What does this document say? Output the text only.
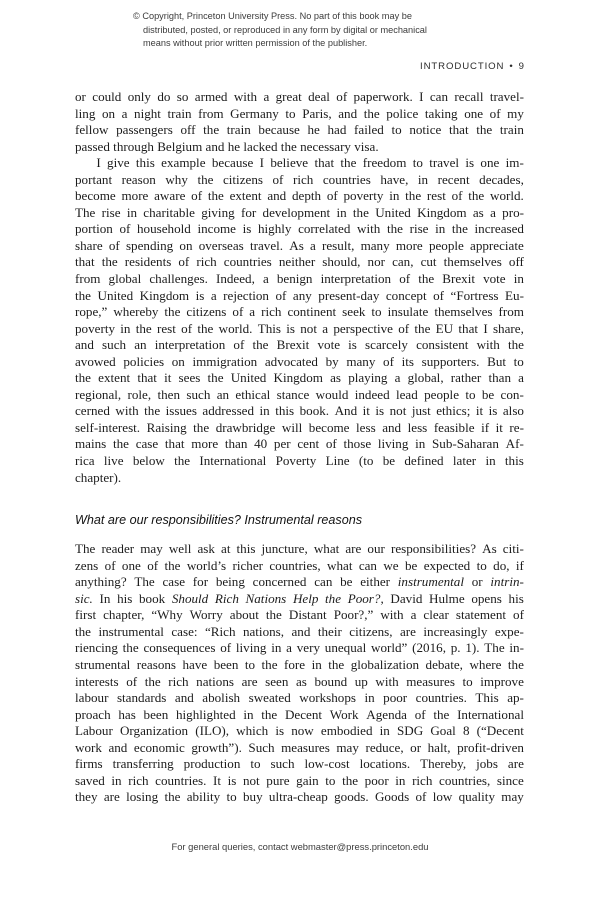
© Copyright, Princeton University Press. No part of this book may be
distributed, posted, or reproduced in any form by digital or mechanical
means without prior written permission of the publisher.
INTRODUCTION • 9

or could only do so armed with a great deal of paperwork. I can recall travel-
ling on a night train from Germany to Paris, and the police taking one of my
fellow passengers off the train because he had failed to notice that the train
passed through Belgium and he lacked the necessary visa.

I give this example because I believe that the freedom to travel is one im-
portant reason why the citizens of rich countries have, in recent decades,
become more aware of the extent and depth of poverty in the rest of the world.
The rise in charitable giving for development in the United Kingdom as a pro-
portion of household income is highly correlated with the rise in the increased
share of spending on overseas travel. As a result, many more people appreciate
that the residents of rich countries neither should, nor can, cut themselves off
from global challenges. Indeed, a benign interpretation of the Brexit vote in
the United Kingdom is a rejection of any present-day concept of “Fortress Eu-
rope,” whereby the citizens of a rich continent seek to insulate themselves from
poverty in the rest of the world. This is not a perspective of the EU that I share,
and such an interpretation of the Brexit vote is scarcely consistent with the
avowed policies on immigration advocated by many of its supporters. But to
the extent that it sees the United Kingdom as playing a global, rather than a
regional, role, then such an ethical stance would indeed lead people to be con-
cerned with the issues addressed in this book. And it is not just ethics; it is also
self-interest. Raising the drawbridge will become less and less feasible if it re-
mains the case that more than 40 per cent of those living in Sub-Saharan Af-
rica live below the International Poverty Line (to be defined later in this
chapter).

What are our responsibilities? Instrumental reasons

The reader may well ask at this juncture, what are our responsibilities? As citi-
zens of one of the world’s richer countries, what can we be expected to do, if
anything? The case for being concerned can be either instrumental or intrin-
sic. In his book Should Rich Nations Help the Poor?, David Hulme opens his
first chapter, “Why Worry about the Distant Poor?,” with a clear statement of
the instrumental case: “Rich nations, and their citizens, are increasingly expe-
riencing the consequences of living in a very unequal world” (2016, p. 1). The in-
strumental reasons have been to the fore in the globalization debate, where the
interests of the rich nations are seen as bound up with measures to improve
labour standards and abolish sweated workshops in poor countries. This ap-
proach has been highlighted in the Decent Work Agenda of the International
Labour Organization (ILO), which is now embodied in SDG Goal 8 (“Decent
work and economic growth”). Such measures may reduce, or halt, profit-driven
firms transferring production to such low-cost locations. Thereby, jobs are
saved in rich countries. It is not pure gain to the poor in rich countries, since
they are losing the ability to buy ultra-cheap goods. Goods of low quality may

For general queries, contact webmaster@press.princeton.edu
